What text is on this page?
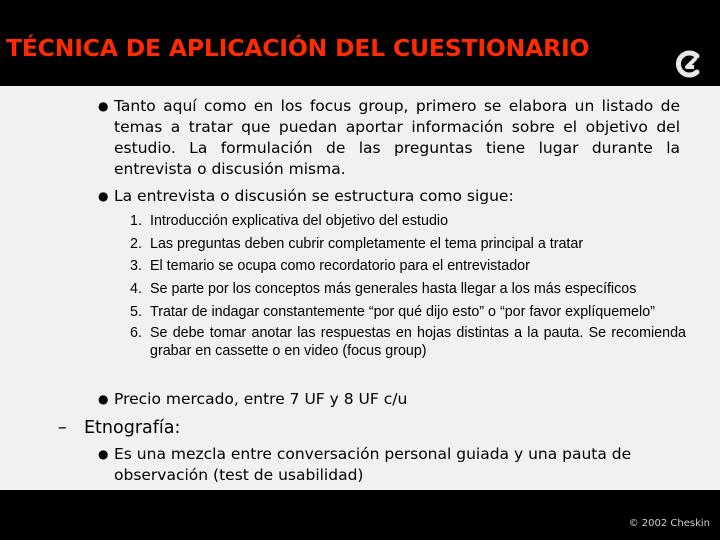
TÉCNICA DE APLICACIÓN DEL CUESTIONARIO
● Tanto aquí como en los focus group, primero se elabora un listado de temas a tratar que puedan aportar información sobre el objetivo del estudio. La formulación de las preguntas tiene lugar durante la entrevista o discusión misma.
● La entrevista o discusión se estructura como sigue:
1. Introducción explicativa del objetivo del estudio
2. Las preguntas deben cubrir completamente el tema principal a tratar
3. El temario se ocupa como recordatorio para el entrevistador
4. Se parte por los conceptos más generales hasta llegar a los más específicos
5. Tratar de indagar constantemente “por qué dijo esto” o “por favor explíquemelo”
6. Se debe tomar anotar las respuestas en hojas distintas a la pauta. Se recomienda grabar en cassette o en video (focus group)
● Precio mercado, entre 7 UF y 8 UF c/u
– Etnografía:
● Es una mezcla entre conversación personal guiada y una pauta de observación (test de usabilidad)
© 2002 Cheskin
